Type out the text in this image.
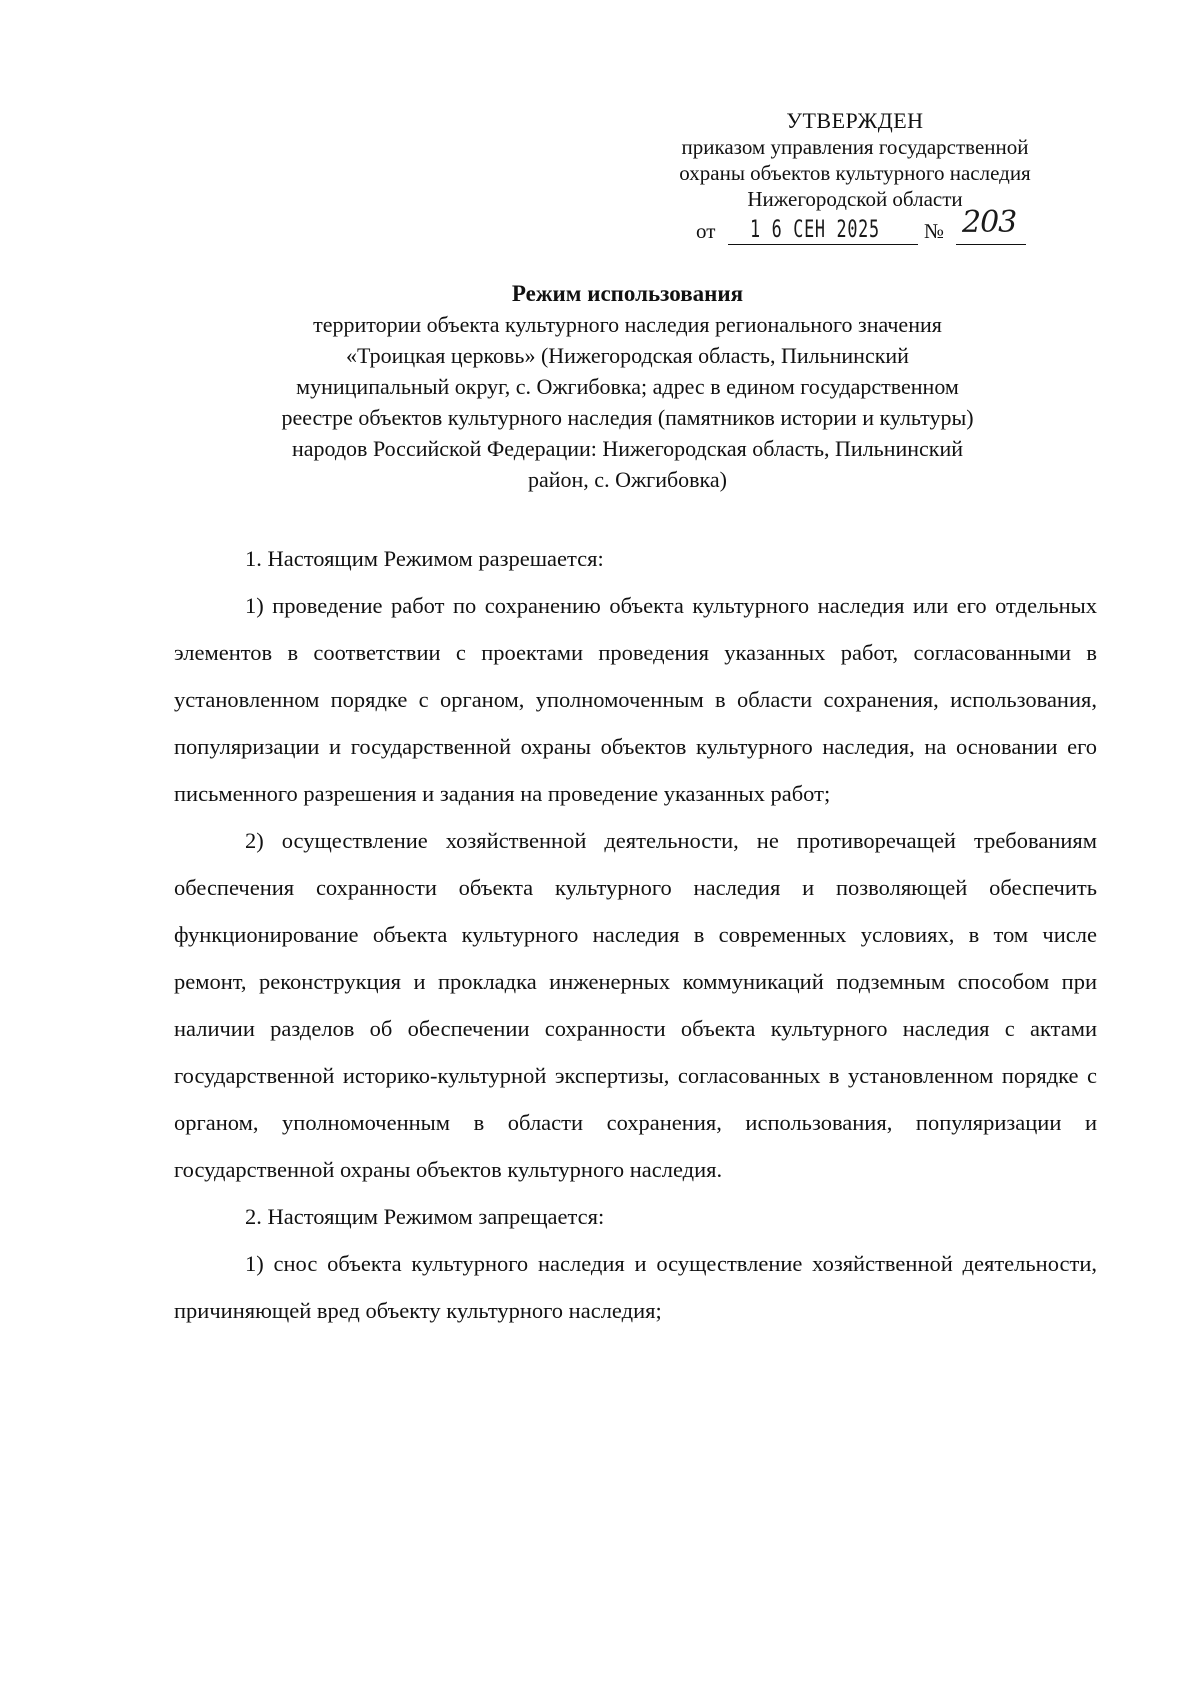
УТВЕРЖДЕН
приказом управления государственной
охраны объектов культурного наследия
Нижегородской области
от 1 6 СЕН 2025 № 203
Режим использования
территории объекта культурного наследия регионального значения
«Троицкая церковь» (Нижегородская область, Пильнинский
муниципальный округ, с. Ожгибовка; адрес в едином государственном
реестре объектов культурного наследия (памятников истории и культуры)
народов Российской Федерации: Нижегородская область, Пильнинский
район, с. Ожгибовка)

1. Настоящим Режимом разрешается:

1) проведение работ по сохранению объекта культурного наследия или его отдельных элементов в соответствии с проектами проведения указанных работ, согласованными в установленном порядке с органом, уполномоченным в области сохранения, использования, популяризации и государственной охраны объектов культурного наследия, на основании его письменного разрешения и задания на проведение указанных работ;

2) осуществление хозяйственной деятельности, не противоречащей требованиям обеспечения сохранности объекта культурного наследия и позволяющей обеспечить функционирование объекта культурного наследия в современных условиях, в том числе ремонт, реконструкция и прокладка инженерных коммуникаций подземным способом при наличии разделов об обеспечении сохранности объекта культурного наследия с актами государственной историко-культурной экспертизы, согласованных в установленном порядке с органом, уполномоченным в области сохранения, использования, популяризации и государственной охраны объектов культурного наследия.

2. Настоящим Режимом запрещается:

1) снос объекта культурного наследия и осуществление хозяйственной деятельности, причиняющей вред объекту культурного наследия;
